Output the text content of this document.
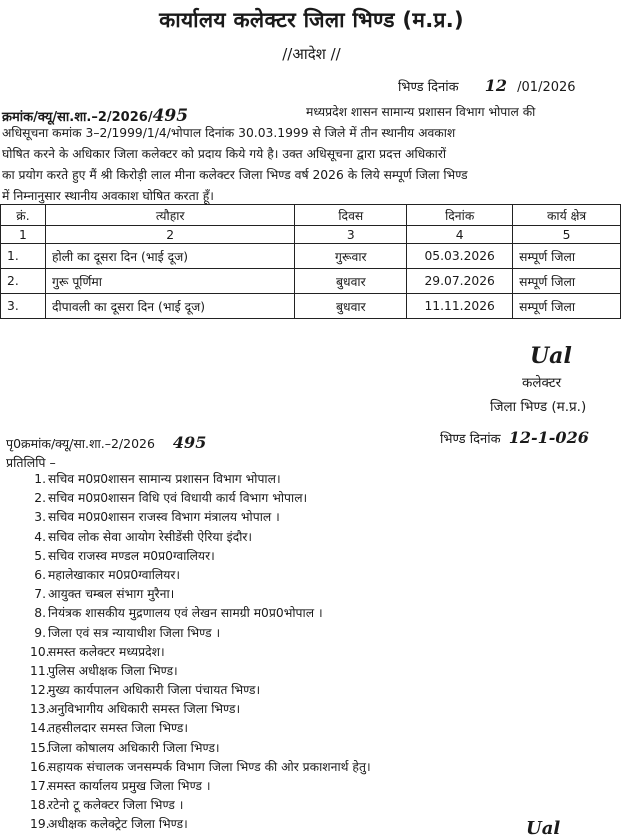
कार्यालय कलेक्टर जिला भिण्ड (म.प्र.)
//आदेश //
भिण्ड दिनांक 12 /01/2026
क्रमांक/क्यू/सा.शा.–2/2026/495	मध्यप्रदेश शासन सामान्य प्रशासन विभाग भोपाल की
अधिसूचना कमांक 3–2/1999/1/4/भोपाल दिनांक 30.03.1999 से जिले में तीन स्थानीय अवकाश
घोषित करने के अधिकार जिला कलेक्टर को प्रदाय किये गये है। उक्त अधिसूचना द्वारा प्रदत्त अधिकारों
का प्रयोग करते हुए मैं श्री किरोड़ी लाल मीना कलेक्टर जिला भिण्ड वर्ष 2026 के लिये सम्पूर्ण जिला भिण्ड
में निम्नानुसार स्थानीय अवकाश घोषित करता हूँ।
क्रं.	त्यौहार	दिवस	दिनांक	कार्य क्षेत्र
1	2	3	4	5
1.	होली का दूसरा दिन (भाई दूज)	गुरूवार	05.03.2026	सम्पूर्ण जिला
2.	गुरू पूर्णिमा	बुधवार	29.07.2026	सम्पूर्ण जिला
3.	दीपावली का दूसरा दिन (भाई दूज)	बुधवार	11.11.2026	सम्पूर्ण जिला
Ual
कलेक्टर
जिला भिण्ड (म.प्र.)
पृ0क्रमांक/क्यू/सा.शा.–2/2026 495	भिण्ड दिनांक 12-1-026
प्रतिलिपि –
1. सचिव म0प्र0शासन सामान्य प्रशासन विभाग भोपाल।
2. सचिव म0प्र0शासन विधि एवं विधायी कार्य विभाग भोपाल।
3. सचिव म0प्र0शासन राजस्व विभाग मंत्रालय भोपाल ।
4. सचिव लोक सेवा आयोग रेसीडेंसी ऐरिया इंदौर।
5. सचिव राजस्व मण्डल म0प्र0ग्वालियर।
6. महालेखाकार म0प्र0ग्वालियर।
7. आयुक्त चम्बल संभाग मुरैना।
8. नियंत्रक शासकीय मुद्रणालय एवं लेखन सामग्री म0प्र0भोपाल ।
9. जिला एवं सत्र न्यायाधीश जिला भिण्ड ।
10.
समस्त कलेक्टर मध्यप्रदेश।
11.
पुलिस अधीक्षक जिला भिण्ड।
12.
मुख्य कार्यपालन अधिकारी जिला पंचायत भिण्ड।
13.
अनुविभागीय अधिकारी समस्त जिला भिण्ड।
14.
तहसीलदार समस्त जिला भिण्ड।
15.
जिला कोषालय अधिकारी जिला भिण्ड।
16.
सहायक संचालक जनसम्पर्क विभाग जिला भिण्ड की ओर प्रकाशनार्थ हेतु।
17.
समस्त कार्यालय प्रमुख जिला भिण्ड ।
18.
रटेनो टू कलेक्टर जिला भिण्ड ।
19.
अधीक्षक कलेक्ट्रेट जिला भिण्ड।	Ual
